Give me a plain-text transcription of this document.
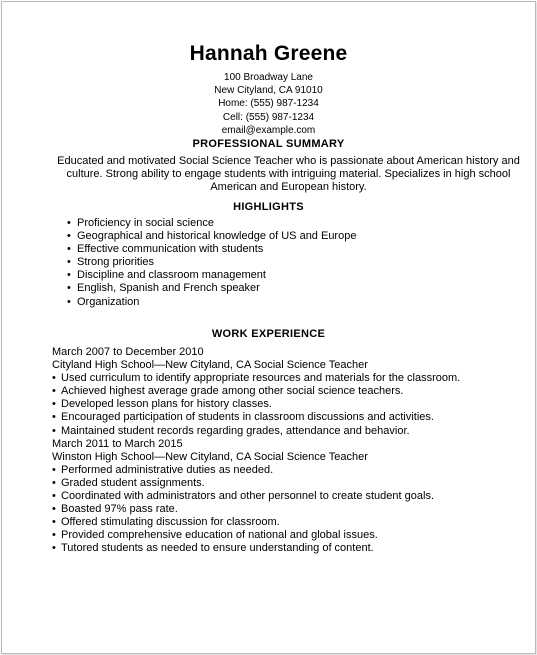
Hannah Greene
100 Broadway Lane
New Cityland, CA 91010
Home: (555) 987-1234
Cell: (555) 987-1234
email@example.com
PROFESSIONAL SUMMARY
Educated and motivated Social Science Teacher who is passionate about American history and culture. Strong ability to engage students with intriguing material. Specializes in high school American and European history.
HIGHLIGHTS
• Proficiency in social science
• Geographical and historical knowledge of US and Europe
• Effective communication with students
• Strong priorities
• Discipline and classroom management
• English, Spanish and French speaker
• Organization
WORK EXPERIENCE
March 2007 to December 2010
Cityland High School—New Cityland, CA Social Science Teacher
• Used curriculum to identify appropriate resources and materials for the classroom.
• Achieved highest average grade among other social science teachers.
• Developed lesson plans for history classes.
• Encouraged participation of students in classroom discussions and activities.
• Maintained student records regarding grades, attendance and behavior.
March 2011 to March 2015
Winston High School—New Cityland, CA Social Science Teacher
• Performed administrative duties as needed.
• Graded student assignments.
• Coordinated with administrators and other personnel to create student goals.
• Boasted 97% pass rate.
• Offered stimulating discussion for classroom.
• Provided comprehensive education of national and global issues.
• Tutored students as needed to ensure understanding of content.
